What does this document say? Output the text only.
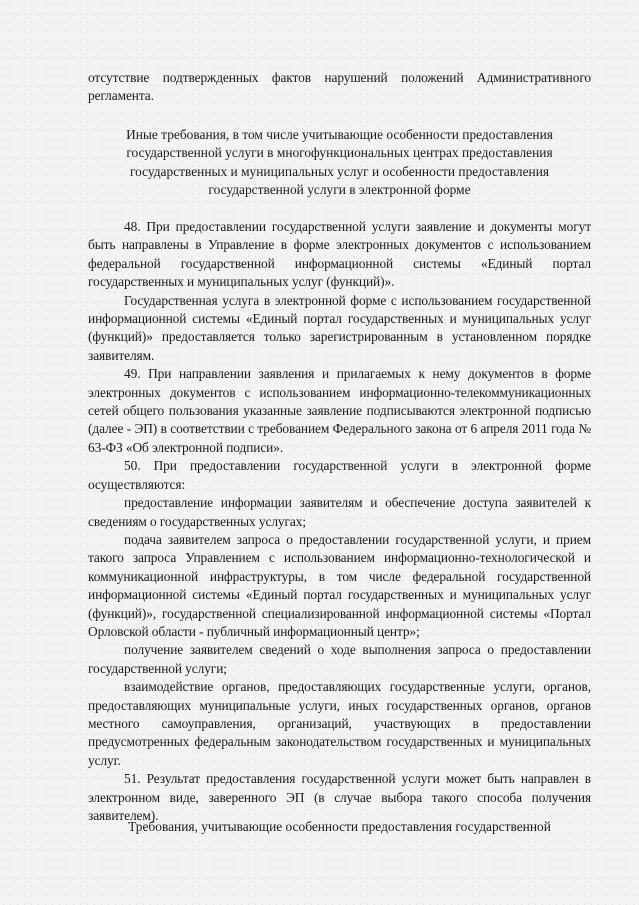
отсутствие подтвержденных фактов нарушений положений Административного регламента.

Иные требования, в том числе учитывающие особенности предоставления
государственной услуги в многофункциональных центрах предоставления
государственных и муниципальных услуг и особенности предоставления
государственной услуги в электронной форме

48. При предоставлении государственной услуги заявление и документы могут быть направлены в Управление в форме электронных документов с использованием федеральной государственной информационной системы «Единый портал государственных и муниципальных услуг (функций)».

Государственная услуга в электронной форме с использованием государственной информационной системы «Единый портал государственных и муниципальных услуг (функций)» предоставляется только зарегистрированным в установленном порядке заявителям.

49. При направлении заявления и прилагаемых к нему документов в форме электронных документов с использованием информационно-телекоммуникационных сетей общего пользования указанные заявление подписываются электронной подписью (далее - ЭП) в соответствии с требованием Федерального закона от 6 апреля 2011 года № 63-ФЗ «Об электронной подписи».

50. При предоставлении государственной услуги в электронной форме осуществляются:

предоставление информации заявителям и обеспечение доступа заявителей к сведениям о государственных услугах;

подача заявителем запроса о предоставлении государственной услуги, и прием такого запроса Управлением с использованием информационно-технологической и коммуникационной инфраструктуры, в том числе федеральной государственной информационной системы «Единый портал государственных и муниципальных услуг (функций)», государственной специализированной информационной системы «Портал Орловской области - публичный информационный центр»;

получение заявителем сведений о ходе выполнения запроса о предоставлении государственной услуги;

взаимодействие органов, предоставляющих государственные услуги, органов, предоставляющих муниципальные услуги, иных государственных органов, органов местного самоуправления, организаций, участвующих в предоставлении предусмотренных федеральным законодательством государственных и муниципальных услуг.

51. Результат предоставления государственной услуги может быть направлен в электронном виде, заверенного ЭП (в случае выбора такого способа получения заявителем).

Требования, учитывающие особенности предоставления государственной
